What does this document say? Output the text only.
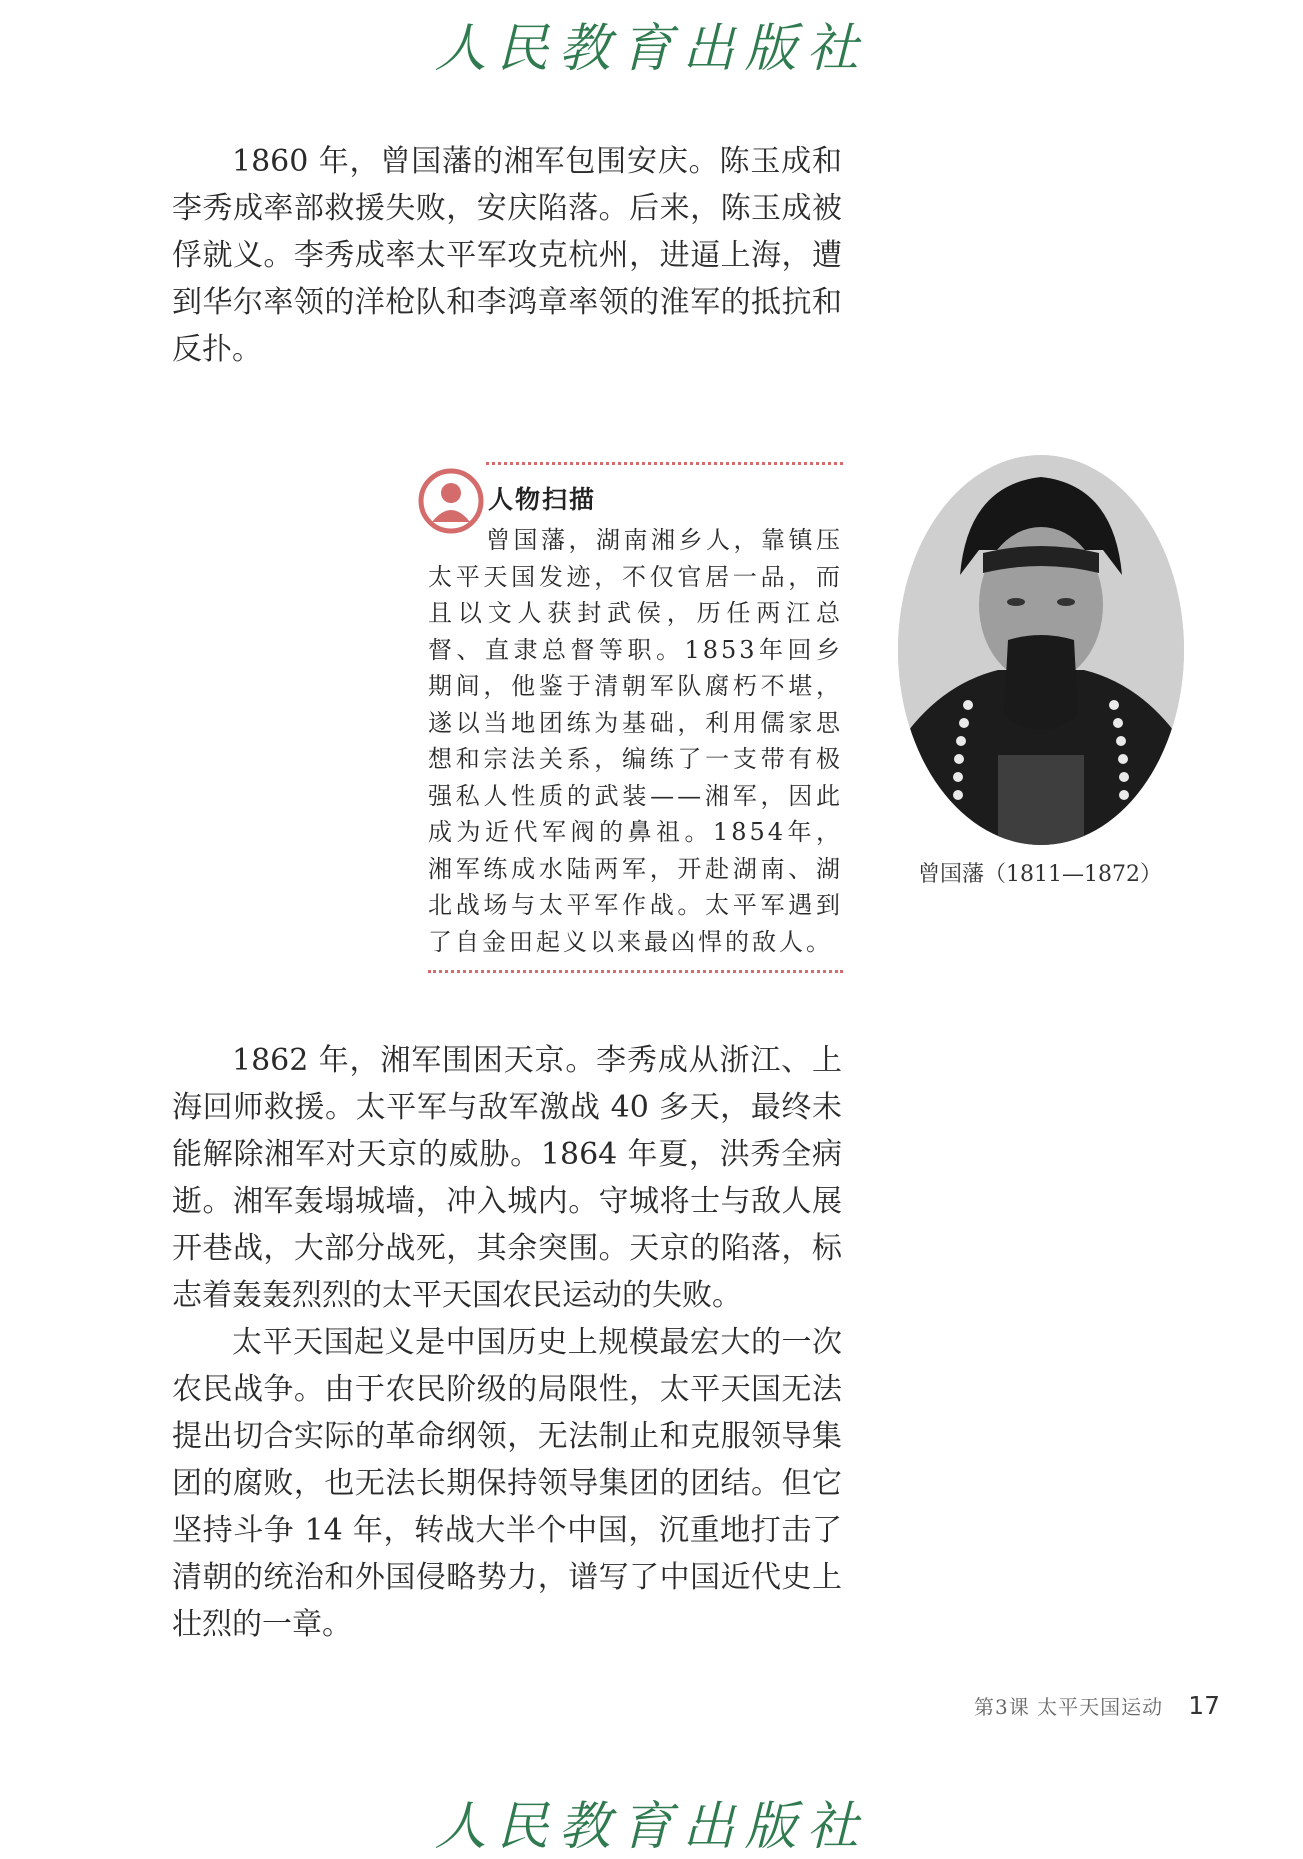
人民教育出版社

1860 年，曾国藩的湘军包围安庆。陈玉成和李秀成率部救援失败，安庆陷落。后来，陈玉成被俘就义。李秀成率太平军攻克杭州，进逼上海，遭到华尔率领的洋枪队和李鸿章率领的淮军的抵抗和反扑。

人物扫描

曾国藩，湖南湘乡人，靠镇压太平天国发迹，不仅官居一品，而且以文人获封武侯，历任两江总督、直隶总督等职。1853年回乡期间，他鉴于清朝军队腐朽不堪，遂以当地团练为基础，利用儒家思想和宗法关系，编练了一支带有极强私人性质的武装——湘军，因此成为近代军阀的鼻祖。1854年，湘军练成水陆两军，开赴湖南、湖北战场与太平军作战。太平军遇到了自金田起义以来最凶悍的敌人。

曾国藩（1811—1872）

1862 年，湘军围困天京。李秀成从浙江、上海回师救援。太平军与敌军激战 40 多天，最终未能解除湘军对天京的威胁。1864 年夏，洪秀全病逝。湘军轰塌城墙，冲入城内。守城将士与敌人展开巷战，大部分战死，其余突围。天京的陷落，标志着轰轰烈烈的太平天国农民运动的失败。

太平天国起义是中国历史上规模最宏大的一次农民战争。由于农民阶级的局限性，太平天国无法提出切合实际的革命纲领，无法制止和克服领导集团的腐败，也无法长期保持领导集团的团结。但它坚持斗争 14 年，转战大半个中国，沉重地打击了清朝的统治和外国侵略势力，谱写了中国近代史上壮烈的一章。

第3课 太平天国运动 17
人民教育出版社
